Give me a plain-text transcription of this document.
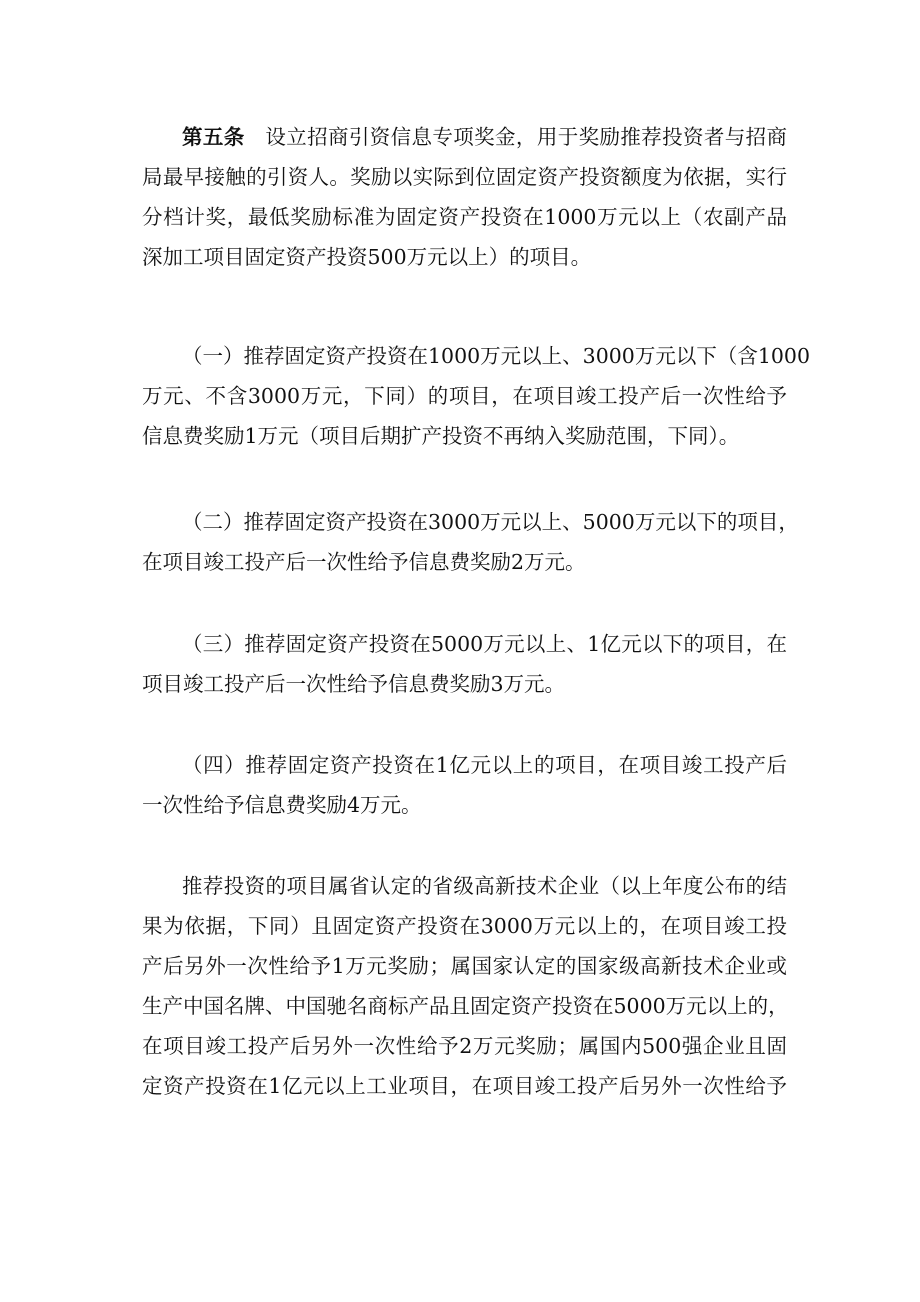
第五条 设立招商引资信息专项奖金，用于奖励推荐投资者与招商
局最早接触的引资人。奖励以实际到位固定资产投资额度为依据，实行
分档计奖，最低奖励标准为固定资产投资在1000万元以上（农副产品
深加工项目固定资产投资500万元以上）的项目。
（一）推荐固定资产投资在1000万元以上、3000万元以下（含1000
万元、不含3000万元，下同）的项目，在项目竣工投产后一次性给予
信息费奖励1万元（项目后期扩产投资不再纳入奖励范围，下同）。
（二）推荐固定资产投资在3000万元以上、5000万元以下的项目，
在项目竣工投产后一次性给予信息费奖励2万元。
（三）推荐固定资产投资在5000万元以上、1亿元以下的项目，在
项目竣工投产后一次性给予信息费奖励3万元。
（四）推荐固定资产投资在1亿元以上的项目，在项目竣工投产后
一次性给予信息费奖励4万元。
推荐投资的项目属省认定的省级高新技术企业（以上年度公布的结
果为依据，下同）且固定资产投资在3000万元以上的，在项目竣工投
产后另外一次性给予1万元奖励；属国家认定的国家级高新技术企业或
生产中国名牌、中国驰名商标产品且固定资产投资在5000万元以上的，
在项目竣工投产后另外一次性给予2万元奖励；属国内500强企业且固
定资产投资在1亿元以上工业项目，在项目竣工投产后另外一次性给予
